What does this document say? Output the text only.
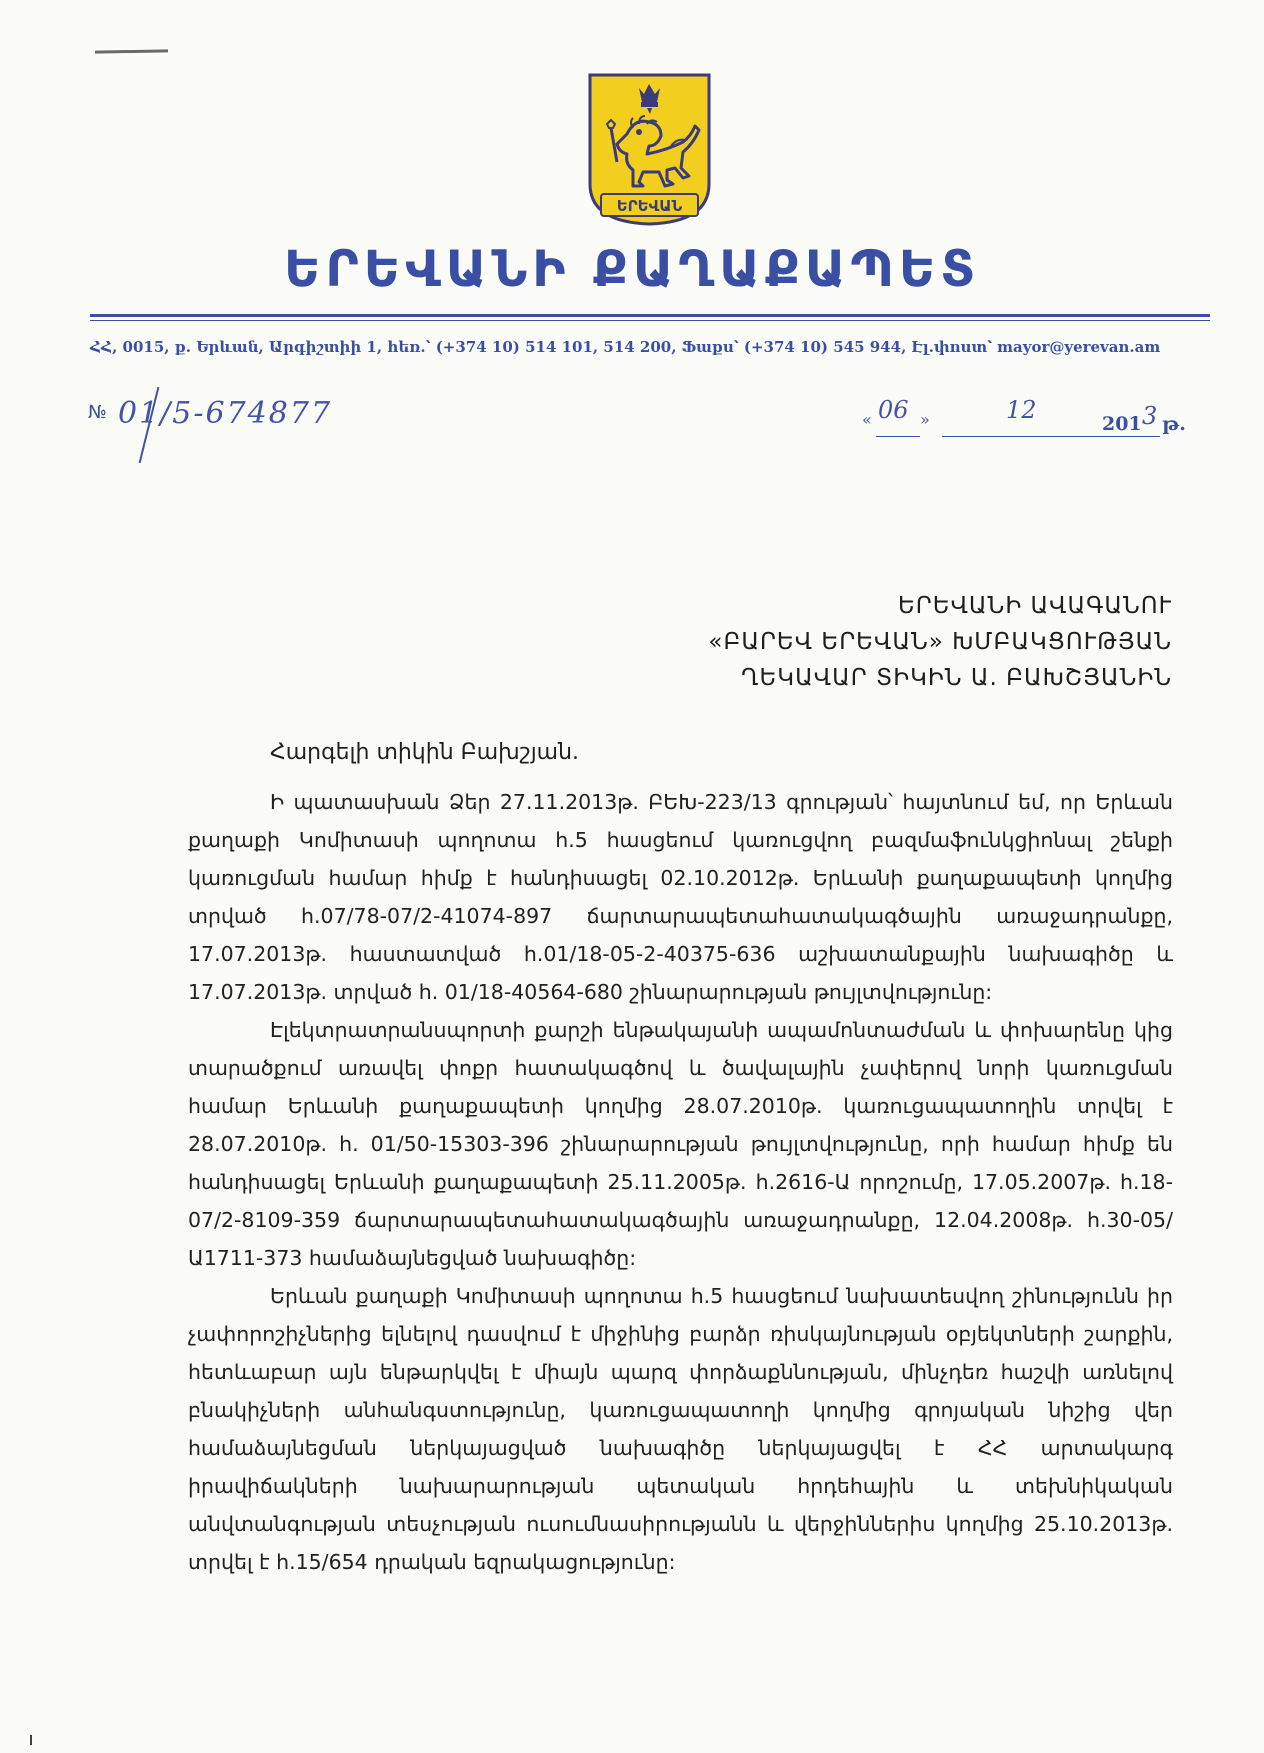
ԵՐԵՎԱՆ
ԵՐԵՎԱՆԻ ՔԱՂԱՔԱՊԵՏ
ՀՀ, 0015, ք. Երևան, Արգիշտիի 1, հեռ.՝ (+374 10) 514 101, 514 200, Ֆաքս՝ (+374 10) 545 944, Էլ.փոստ՝ mayor@yerevan.am
№ 01/5-674877	« 06 »	12	201 3 թ.
ԵՐԵՎԱՆԻ ԱՎԱԳԱՆՈՒ
«ԲԱՐԵՎ ԵՐԵՎԱՆ» ԽՄԲԱԿՑՈՒԹՅԱՆ
ՂԵԿԱՎԱՐ ՏԻԿԻՆ Ա. ԲԱԽՇՅԱՆԻՆ
Հարգելի տիկին Բախշյան.

Ի պատասխան Ձեր 27.11.2013թ. ԲԵԽ-223/13 գրության՝ հայտնում եմ, որ Երևան քաղաքի Կոմիտասի պողոտա հ.5 հասցեում կառուցվող բազմաֆունկցիոնալ շենքի կառուցման համար հիմք է հանդիսացել 02.10.2012թ. Երևանի քաղաքապետի կողմից տրված հ.07/78-07/2-41074-897 ճարտարապետահատակագծային առաջադրանքը, 17.07.2013թ. հաստատված հ.01/18-05-2-40375-636 աշխատանքային նախագիծը և 17.07.2013թ. տրված հ. 01/18-40564-680 շինարարության թույլտվությունը:

Էլեկտրատրանսպորտի քարշի ենթակայանի ապամոնտաժման և փոխարենը կից տարածքում առավել փոքր հատակագծով և ծավալային չափերով նորի կառուցման համար Երևանի քաղաքապետի կողմից 28.07.2010թ. կառուցապատողին տրվել է 28.07.2010թ. հ. 01/50-15303-396 շինարարության թույլտվությունը, որի համար հիմք են հանդիսացել Երևանի քաղաքապետի 25.11.2005թ. հ.2616-Ա որոշումը, 17.05.2007թ. հ.18-07/2-8109-359 ճարտարապետահատակագծային առաջադրանքը, 12.04.2008թ. հ.30-05/Ա1711-373 համաձայնեցված նախագիծը:

Երևան քաղաքի Կոմիտասի պողոտա հ.5 հասցեում նախատեսվող շինությունն իր չափորոշիչներից ելնելով դասվում է միջինից բարձր ռիսկայնության օբյեկտների շարքին, հետևաբար այն ենթարկվել է միայն պարզ փորձաքննության, մինչդեռ հաշվի առնելով բնակիչների անհանգստությունը, կառուցապատողի կողմից գրոյական նիշից վեր համաձայնեցման ներկայացված նախագիծը ներկայացվել է ՀՀ արտակարգ իրավիճակների նախարարության պետական հրդեհային և տեխնիկական անվտանգության տեսչության ուսումնասիրությանն և վերջիններիս կողմից 25.10.2013թ. տրվել է հ.15/654 դրական եզրակացությունը:
